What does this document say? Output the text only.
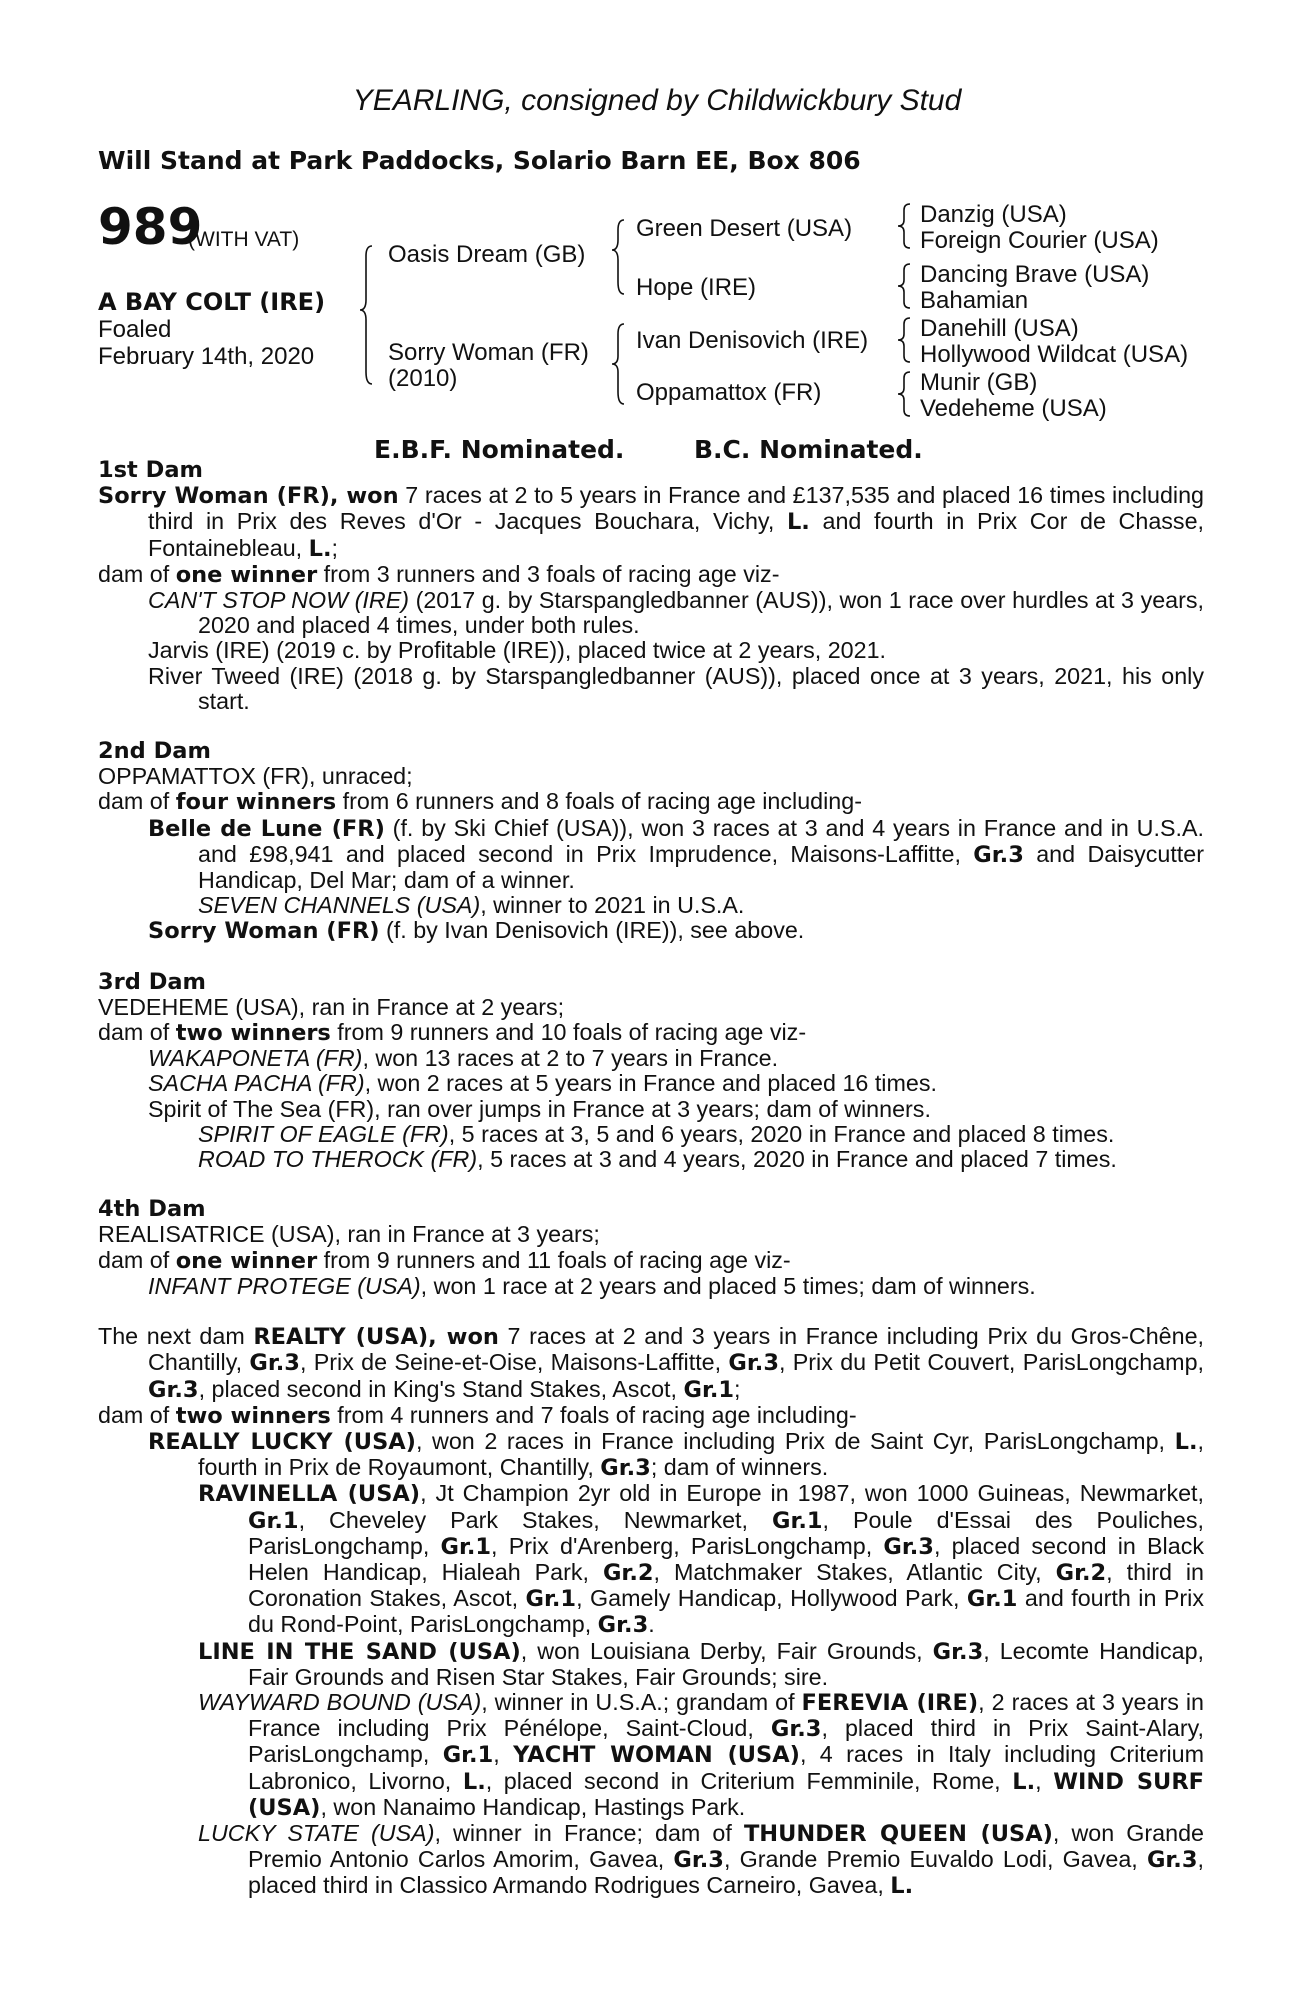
YEARLING, consigned by Childwickbury Stud
Will Stand at Park Paddocks, Solario Barn EE, Box 806
989
(WITH VAT)
A BAY COLT (IRE)
Foaled
February 14th, 2020
Oasis Dream (GB)
Sorry Woman (FR)
(2010)
Green Desert (USA)
Hope (IRE)
Ivan Denisovich (IRE)
Oppamattox (FR)
Danzig (USA)
Foreign Courier (USA)
Dancing Brave (USA)
Bahamian
Danehill (USA)
Hollywood Wildcat (USA)
Munir (GB)
Vedeheme (USA)
E.B.F. Nominated.	B.C. Nominated.

1st Dam

Sorry Woman (FR), won 7 races at 2 to 5 years in France and £137,535 and placed 16 times including third in Prix des Reves d'Or - Jacques Bouchara, Vichy, L. and fourth in Prix Cor de Chasse, Fontainebleau, L.;

dam of one winner from 3 runners and 3 foals of racing age viz-

CAN'T STOP NOW (IRE) (2017 g. by Starspangledbanner (AUS)), won 1 race over hurdles at 3 years, 2020 and placed 4 times, under both rules.

Jarvis (IRE) (2019 c. by Profitable (IRE)), placed twice at 2 years, 2021.

River Tweed (IRE) (2018 g. by Starspangledbanner (AUS)), placed once at 3 years, 2021, his only start.

2nd Dam

OPPAMATTOX (FR), unraced;

dam of four winners from 6 runners and 8 foals of racing age including-

Belle de Lune (FR) (f. by Ski Chief (USA)), won 3 races at 3 and 4 years in France and in U.S.A. and £98,941 and placed second in Prix Imprudence, Maisons-Laffitte, Gr.3 and Daisycutter Handicap, Del Mar; dam of a winner.

SEVEN CHANNELS (USA), winner to 2021 in U.S.A.

Sorry Woman (FR) (f. by Ivan Denisovich (IRE)), see above.

3rd Dam

VEDEHEME (USA), ran in France at 2 years;

dam of two winners from 9 runners and 10 foals of racing age viz-

WAKAPONETA (FR), won 13 races at 2 to 7 years in France.

SACHA PACHA (FR), won 2 races at 5 years in France and placed 16 times.

Spirit of The Sea (FR), ran over jumps in France at 3 years; dam of winners.

SPIRIT OF EAGLE (FR), 5 races at 3, 5 and 6 years, 2020 in France and placed 8 times.

ROAD TO THEROCK (FR), 5 races at 3 and 4 years, 2020 in France and placed 7 times.

4th Dam

REALISATRICE (USA), ran in France at 3 years;

dam of one winner from 9 runners and 11 foals of racing age viz-

INFANT PROTEGE (USA), won 1 race at 2 years and placed 5 times; dam of winners.

The next dam REALTY (USA), won 7 races at 2 and 3 years in France including Prix du Gros-Chêne, Chantilly, Gr.3, Prix de Seine-et-Oise, Maisons-Laffitte, Gr.3, Prix du Petit Couvert, ParisLongchamp, Gr.3, placed second in King's Stand Stakes, Ascot, Gr.1;

dam of two winners from 4 runners and 7 foals of racing age including-

REALLY LUCKY (USA), won 2 races in France including Prix de Saint Cyr, ParisLongchamp, L., fourth in Prix de Royaumont, Chantilly, Gr.3; dam of winners.

RAVINELLA (USA), Jt Champion 2yr old in Europe in 1987, won 1000 Guineas, Newmarket, Gr.1, Cheveley Park Stakes, Newmarket, Gr.1, Poule d'Essai des Pouliches, ParisLongchamp, Gr.1, Prix d'Arenberg, ParisLongchamp, Gr.3, placed second in Black Helen Handicap, Hialeah Park, Gr.2, Matchmaker Stakes, Atlantic City, Gr.2, third in Coronation Stakes, Ascot, Gr.1, Gamely Handicap, Hollywood Park, Gr.1 and fourth in Prix du Rond-Point, ParisLongchamp, Gr.3.

LINE IN THE SAND (USA), won Louisiana Derby, Fair Grounds, Gr.3, Lecomte Handicap, Fair Grounds and Risen Star Stakes, Fair Grounds; sire.

WAYWARD BOUND (USA), winner in U.S.A.; grandam of FEREVIA (IRE), 2 races at 3 years in France including Prix Pénélope, Saint-Cloud, Gr.3, placed third in Prix Saint-Alary, ParisLongchamp, Gr.1, YACHT WOMAN (USA), 4 races in Italy including Criterium Labronico, Livorno, L., placed second in Criterium Femminile, Rome, L., WIND SURF (USA), won Nanaimo Handicap, Hastings Park.

LUCKY STATE (USA), winner in France; dam of THUNDER QUEEN (USA), won Grande Premio Antonio Carlos Amorim, Gavea, Gr.3, Grande Premio Euvaldo Lodi, Gavea, Gr.3, placed third in Classico Armando Rodrigues Carneiro, Gavea, L.
